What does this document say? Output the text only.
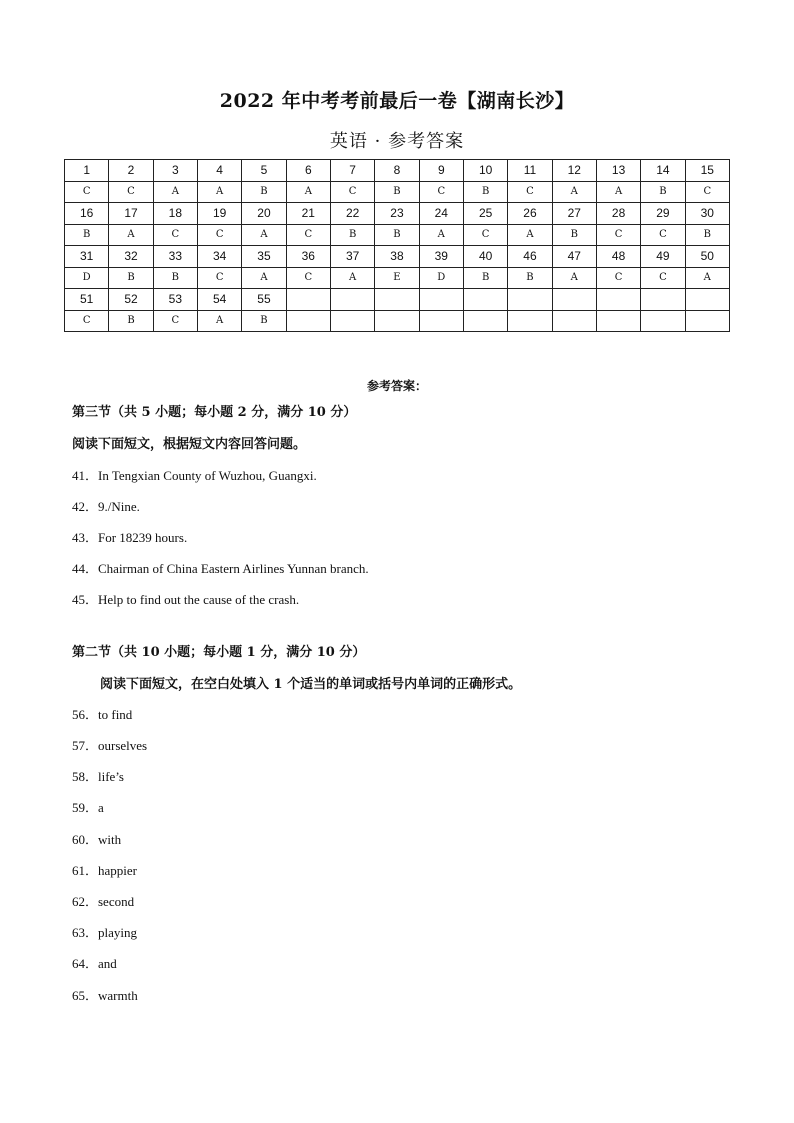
2022 年中考考前最后一卷【湖南长沙】
英语 · 参考答案
1	2	3	4	5	6	7	8	9	10	11	12	13	14	15
C	C	A	A	B	A	C	B	C	B	C	A	A	B	C
16	17	18	19	20	21	22	23	24	25	26	27	28	29	30
B	A	C	C	A	C	B	B	A	C	A	B	C	C	B
31	32	33	34	35	36	37	38	39	40	46	47	48	49	50
D	B	B	C	A	C	A	E	D	B	B	A	C	C	A
51	52	53	54	55										
C	B	C	A	B										
参考答案：
第三节（共 5 小题；每小题 2 分，满分 10 分）
阅读下面短文，根据短文内容回答问题。
41．In Tengxian County of Wuzhou, Guangxi.
42．9./Nine.
43．For 18239 hours.
44．Chairman of China Eastern Airlines Yunnan branch.
45．Help to find out the cause of the crash.
第二节（共 10 小题；每小题 1 分，满分 10 分）
阅读下面短文，在空白处填入 1 个适当的单词或括号内单词的正确形式。
56．to find
57．ourselves
58．life’s
59．a
60．with
61．happier
62．second
63．playing
64．and
65．warmth
